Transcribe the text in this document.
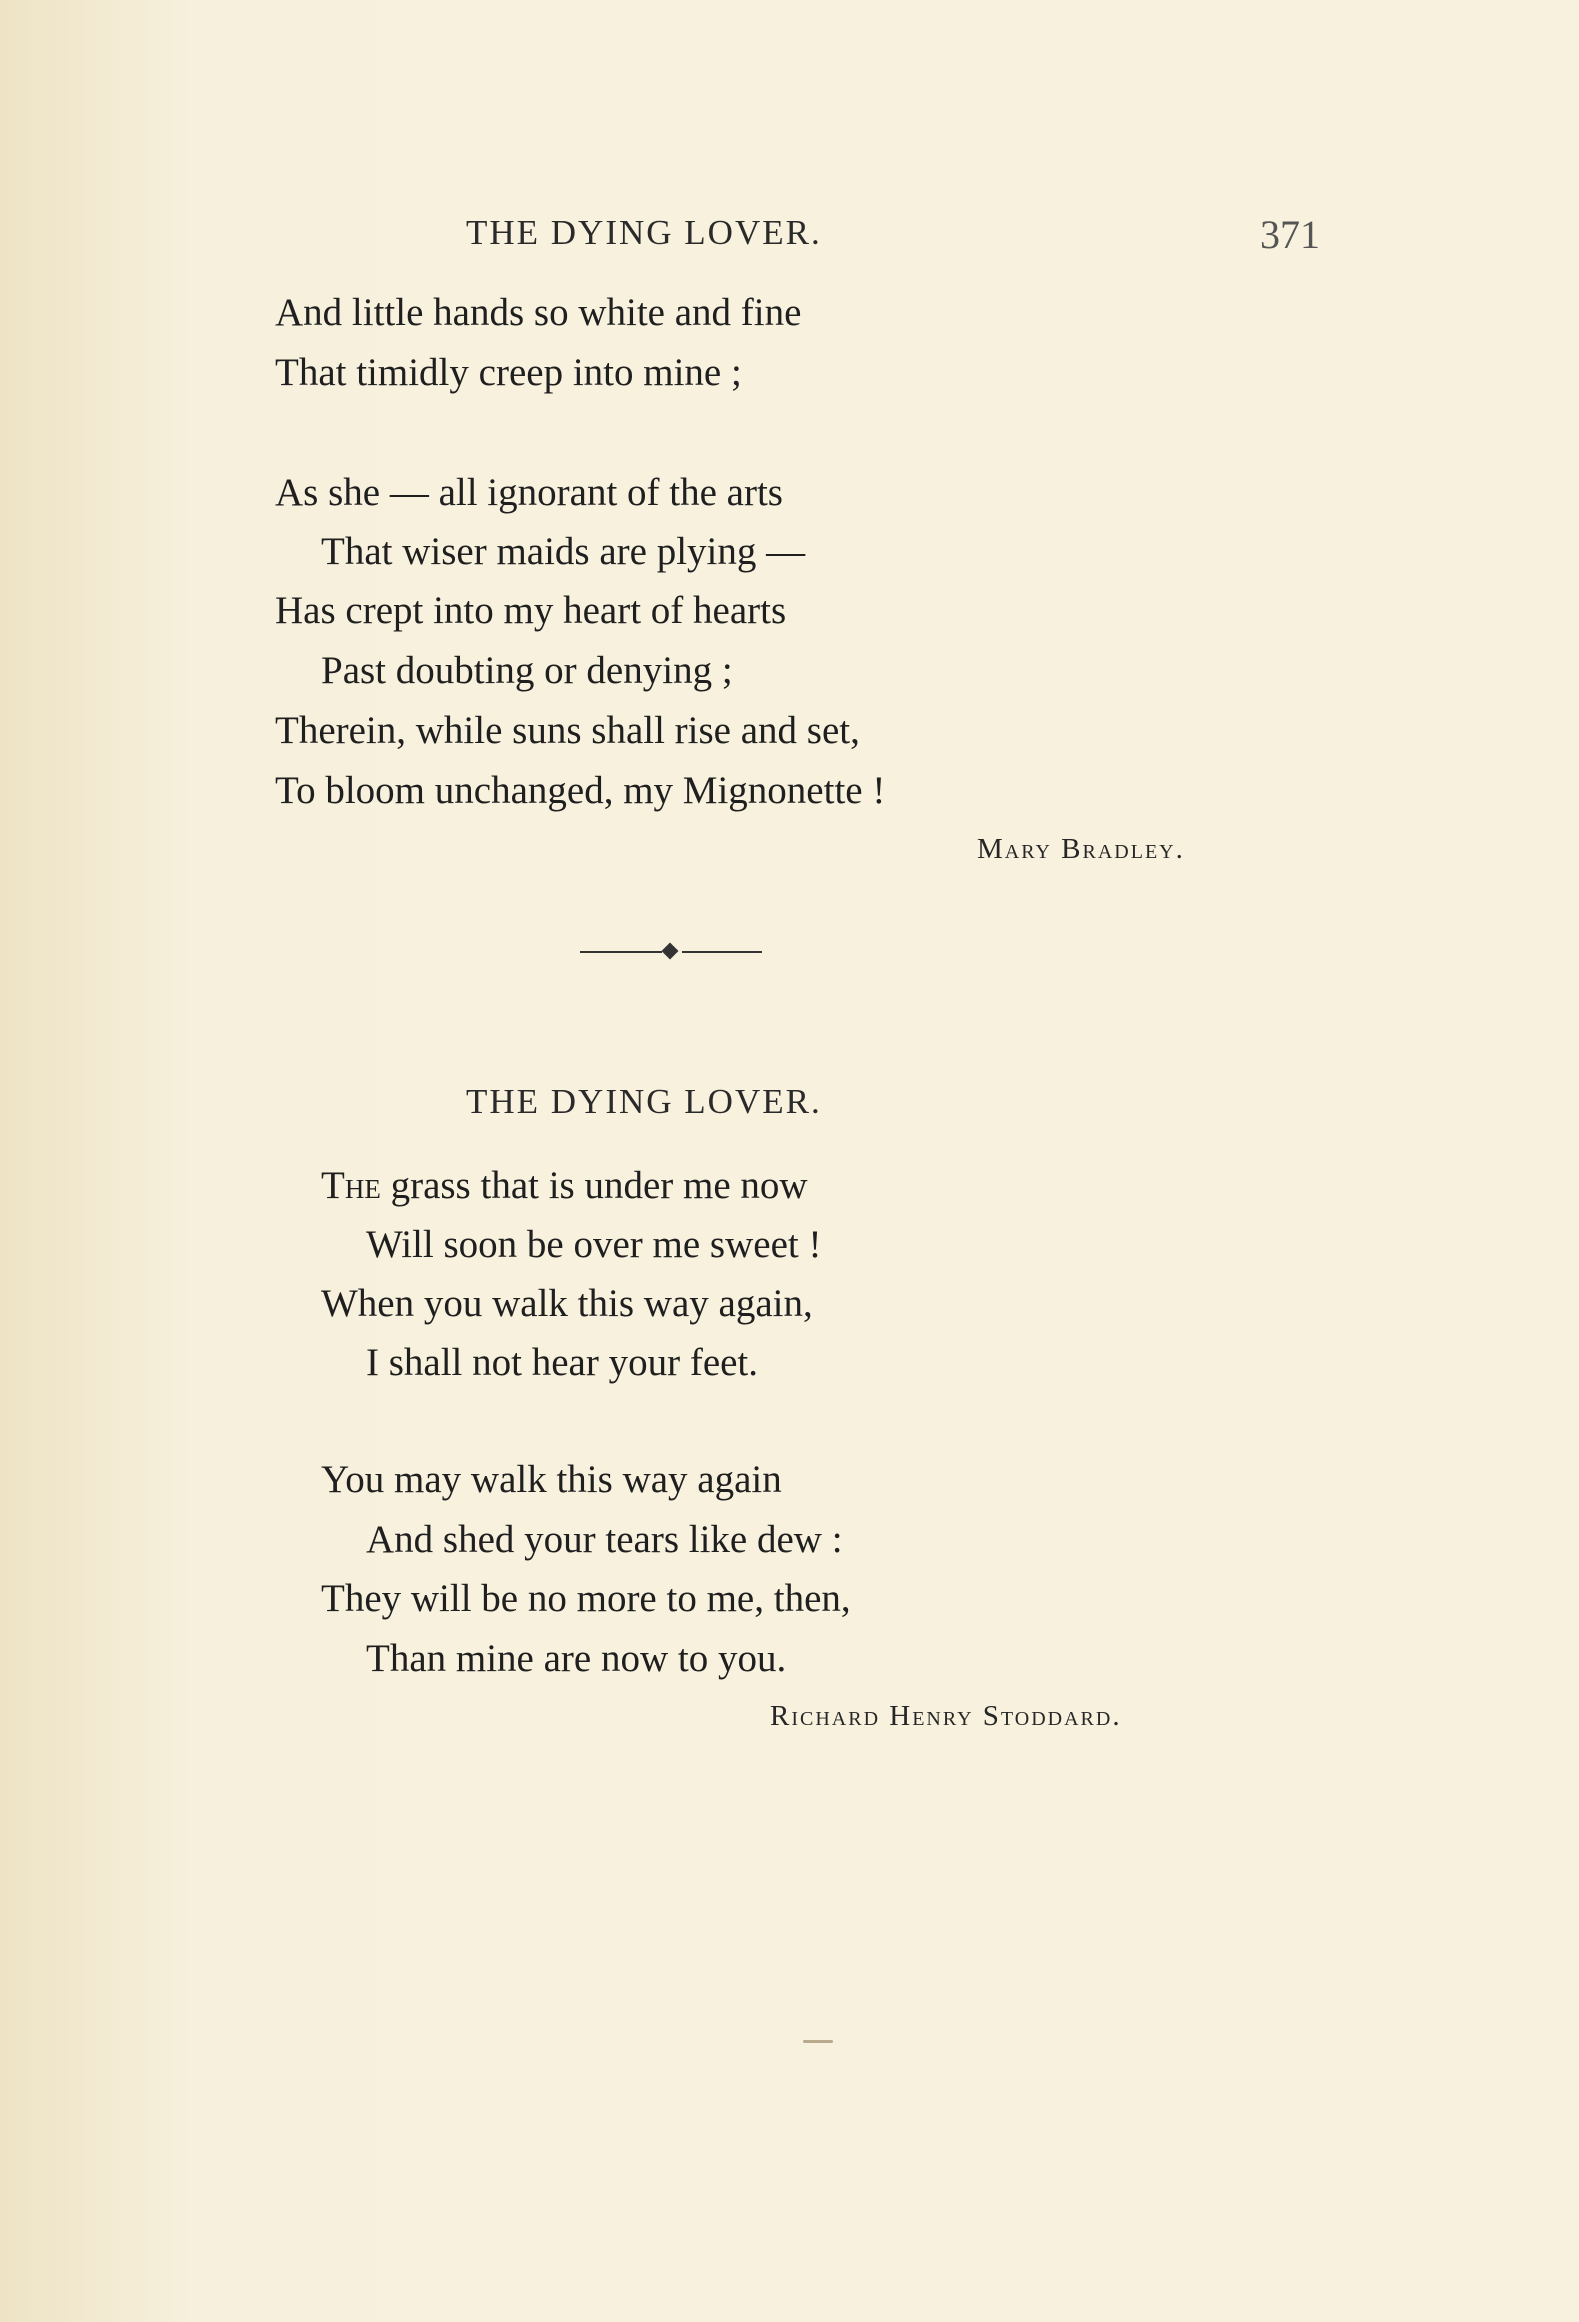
THE DYING LOVER.	371
And little hands so white and fine
That timidly creep into mine ;
As she — all ignorant of the arts
That wiser maids are plying —
Has crept into my heart of hearts
Past doubting or denying ;
Therein, while suns shall rise and set,
To bloom unchanged, my Mignonette !
Mary Bradley.
THE DYING LOVER.
The grass that is under me now
Will soon be over me sweet !
When you walk this way again,
I shall not hear your feet.
You may walk this way again
And shed your tears like dew :
They will be no more to me, then,
Than mine are now to you.
Richard Henry Stoddard.
